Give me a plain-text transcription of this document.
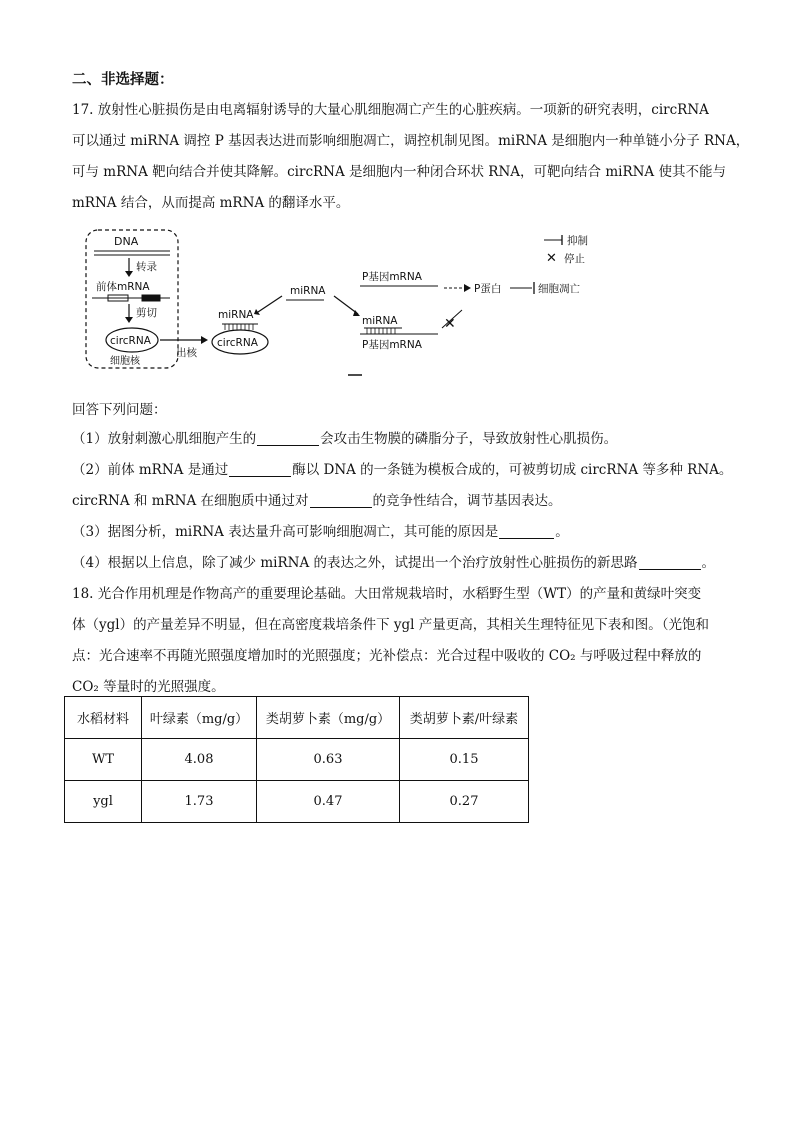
二、非选择题：
17. 放射性心脏损伤是由电离辐射诱导的大量心肌细胞凋亡产生的心脏疾病。一项新的研究表明，circRNA
可以通过 miRNA 调控 P 基因表达进而影响细胞凋亡，调控机制见图。miRNA 是细胞内一种单链小分子 RNA，
可与 mRNA 靶向结合并使其降解。circRNA 是细胞内一种闭合环状 RNA，可靶向结合 miRNA 使其不能与
mRNA 结合，从而提高 mRNA 的翻译水平。
DNA
转录
前体mRNA
剪切
circRNA
细胞核
出核
miRNA
circRNA
miRNA
P基因mRNA
P蛋白	细胞凋亡
miRNA
P基因mRNA
✕
抑制
✕ 停止
回答下列问题：
（1）放射刺激心肌细胞产生的	会攻击生物膜的磷脂分子，导致放射性心肌损伤。
（2）前体 mRNA 是通过	酶以 DNA 的一条链为模板合成的，可被剪切成 circRNA 等多种 RNA。
circRNA 和 mRNA 在细胞质中通过对	的竞争性结合，调节基因表达。
（3）据图分析，miRNA 表达量升高可影响细胞凋亡，其可能的原因是	。
（4）根据以上信息，除了减少 miRNA 的表达之外，试提出一个治疗放射性心脏损伤的新思路	。
18. 光合作用机理是作物高产的重要理论基础。大田常规栽培时，水稻野生型（WT）的产量和黄绿叶突变
体（ygl）的产量差异不明显，但在高密度栽培条件下 ygl 产量更高，其相关生理特征见下表和图。（光饱和
点：光合速率不再随光照强度增加时的光照强度；光补偿点：光合过程中吸收的 CO₂ 与呼吸过程中释放的
CO₂ 等量时的光照强度。
水稻材料	叶绿素（mg/g）	类胡萝卜素（mg/g）	类胡萝卜素/叶绿素
WT	4.08	0.63	0.15
ygl	1.73	0.47	0.27
